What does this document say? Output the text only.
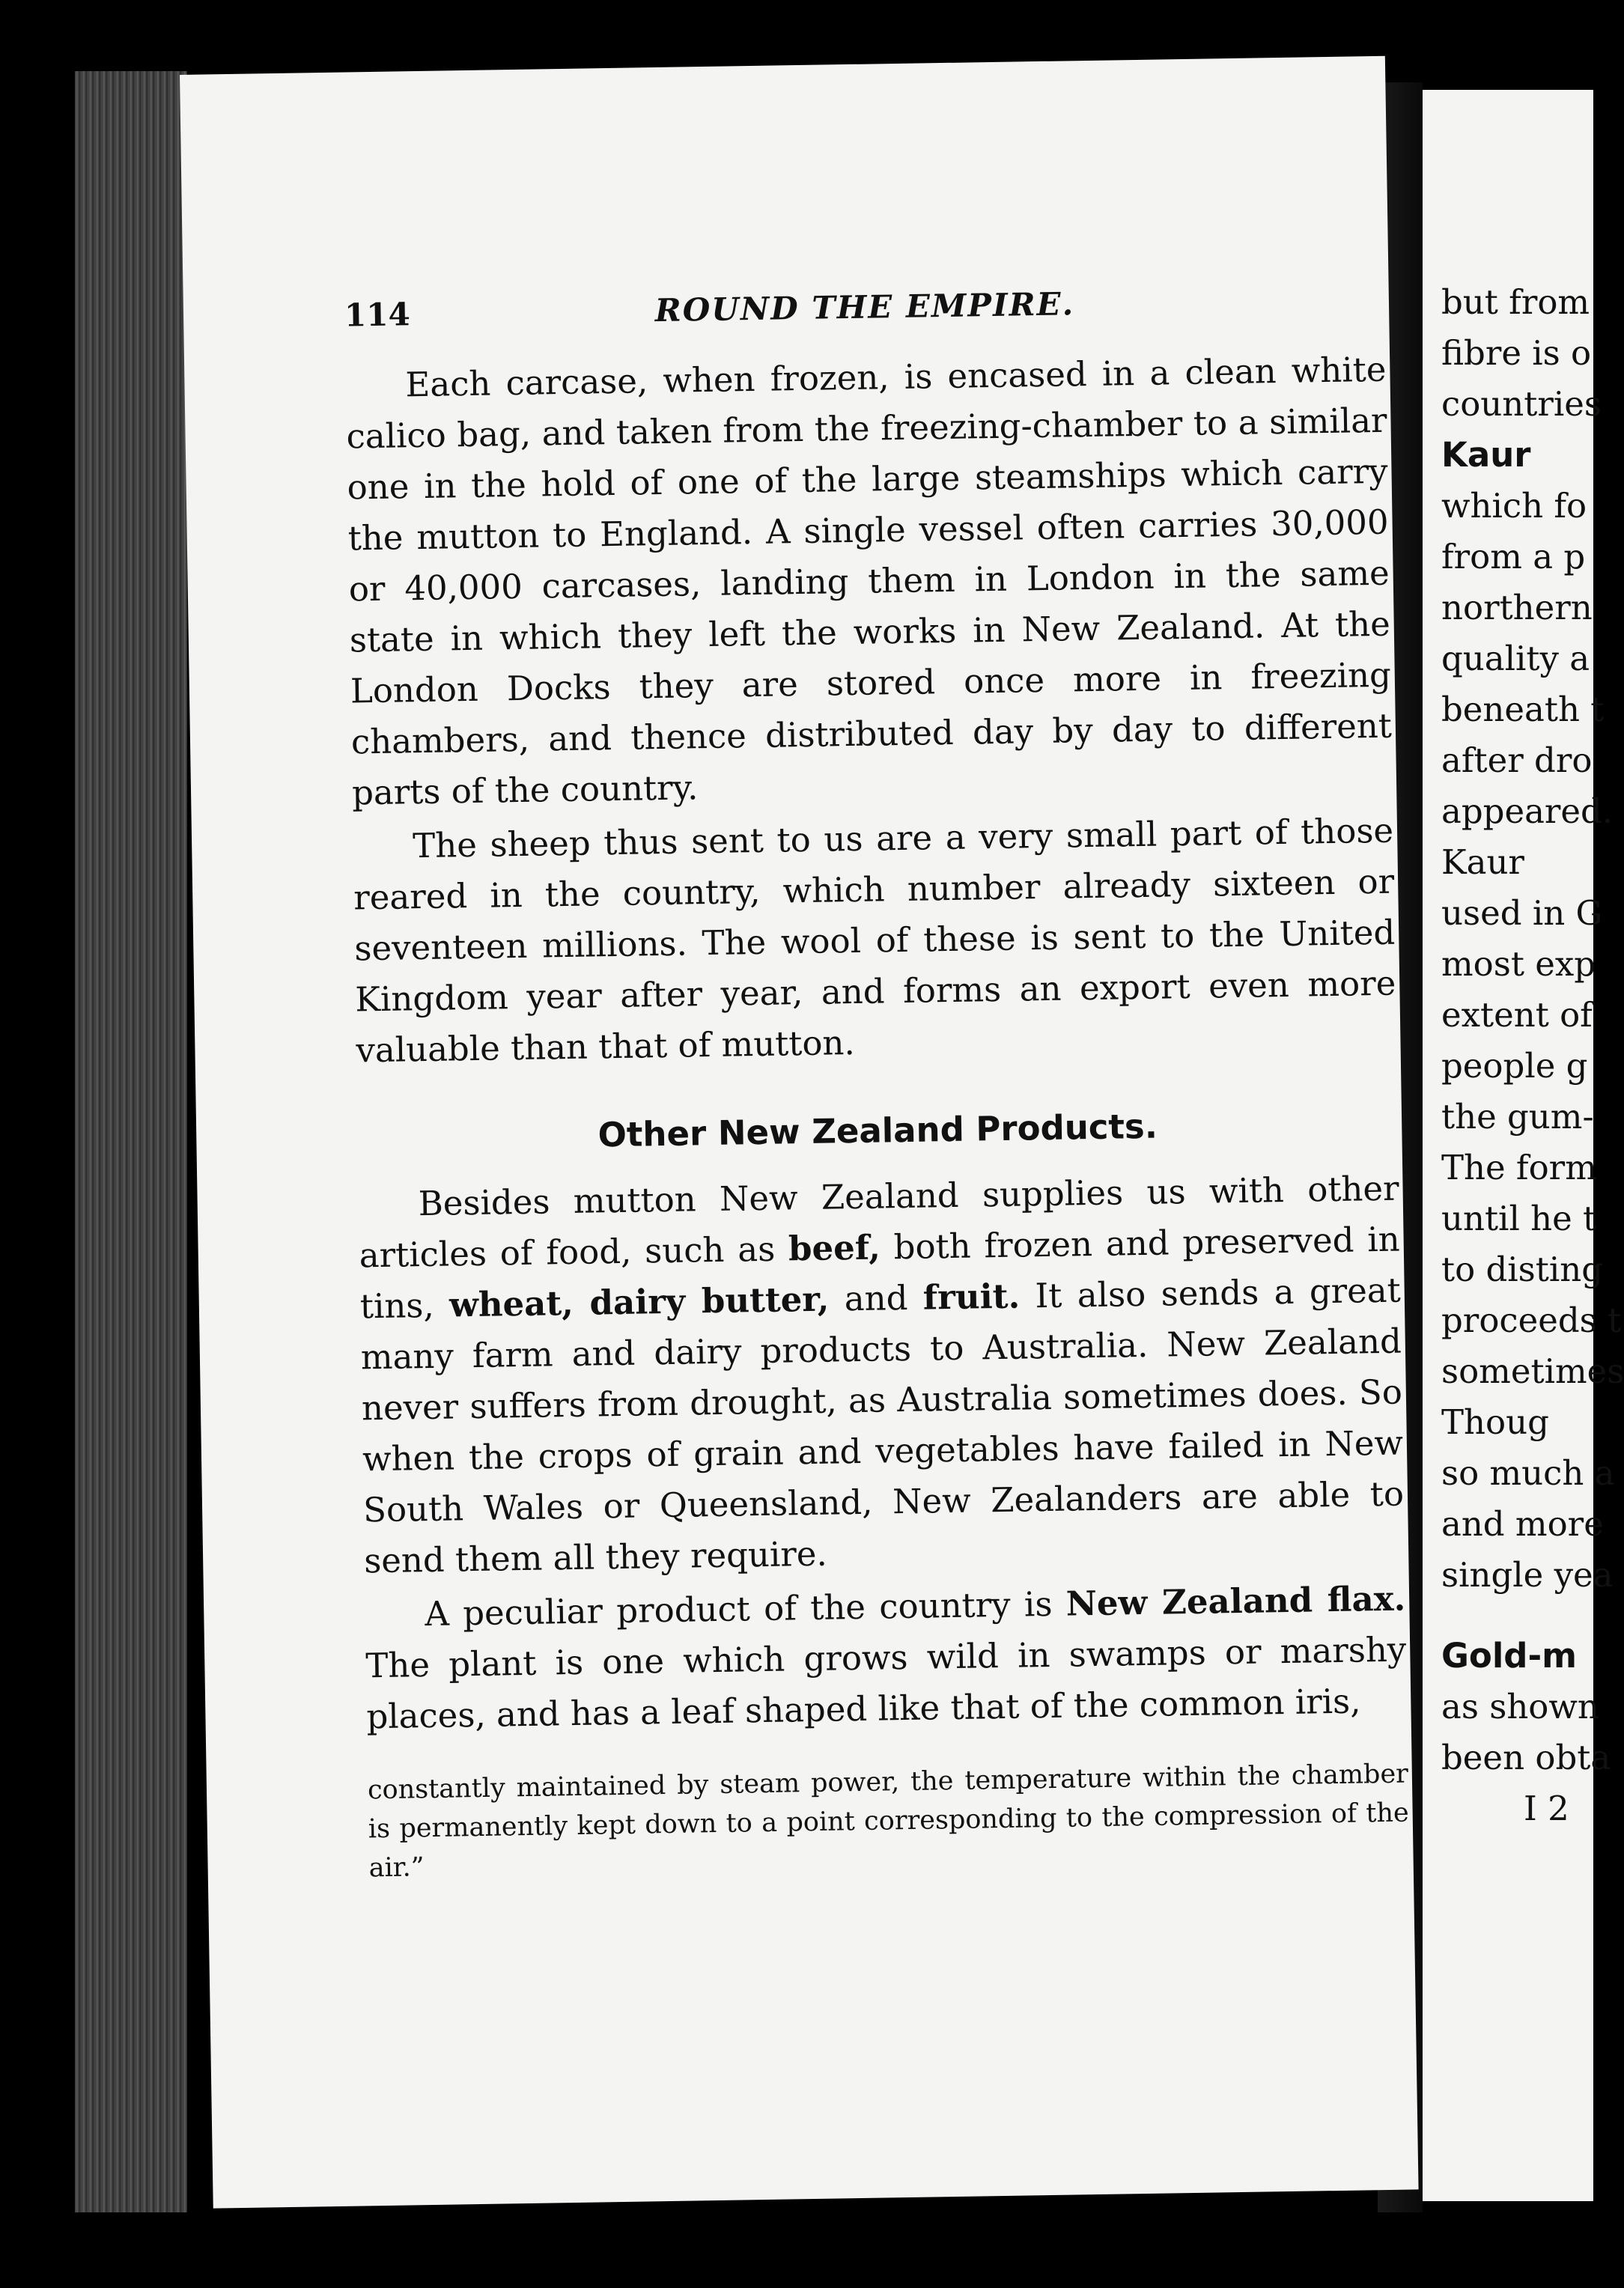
114	ROUND THE EMPIRE.

Each carcase, when frozen, is encased in a clean white calico bag, and taken from the freezing-chamber to a similar one in the hold of one of the large steamships which carry the mutton to England. A single vessel often carries 30,000 or 40,000 carcases, landing them in London in the same state in which they left the works in New Zealand. At the London Docks they are stored once more in freezing chambers, and thence distributed day by day to different parts of the country.

The sheep thus sent to us are a very small part of those reared in the country, which number already sixteen or seventeen millions. The wool of these is sent to the United Kingdom year after year, and forms an export even more valuable than that of mutton.

Other New Zealand Products.

Besides mutton New Zealand supplies us with other articles of food, such as beef, both frozen and preserved in tins, wheat, dairy butter, and fruit. It also sends a great many farm and dairy products to Australia. New Zealand never suffers from drought, as Australia sometimes does. So when the crops of grain and vegetables have failed in New South Wales or Queensland, New Zealanders are able to send them all they require.

A peculiar product of the country is New Zealand flax. The plant is one which grows wild in swamps or marshy places, and has a leaf shaped like that of the common iris,

constantly maintained by steam power, the temperature within the chamber is permanently kept down to a point corresponding to the compression of the air.”
but from
fibre is o
countries
Kaur
which fo
from a p
northern
quality a
beneath t
after dro
appeared.
Kaur
used in G
most exp
extent of
people g
the gum-
The form
until he t
to disting
proceeds t
sometimes
Thoug
so much a
and more
single yea
Gold-m
as shown
been obta
I 2
